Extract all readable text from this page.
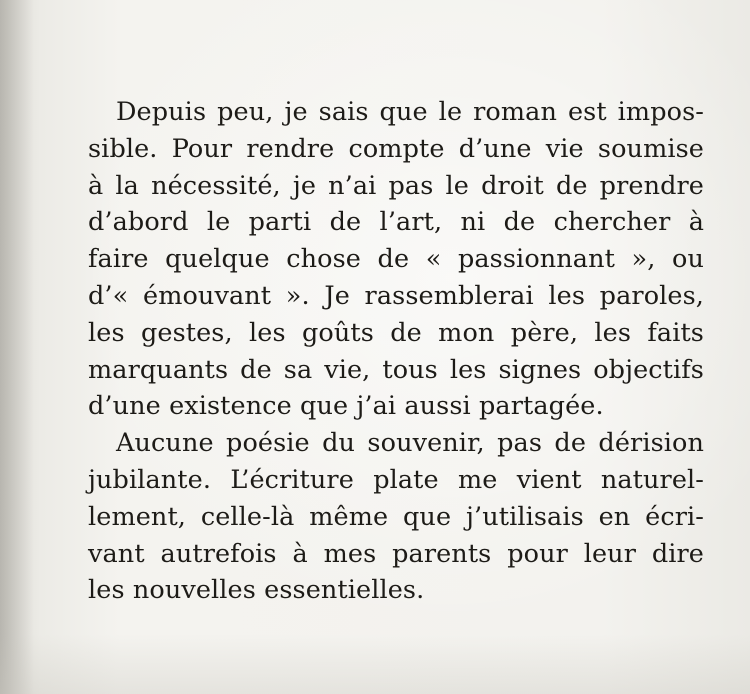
Depuis peu, je sais que le roman est impos-
sible. Pour rendre compte d’une vie soumise
à la nécessité, je n’ai pas le droit de prendre
d’abord le parti de l’art, ni de chercher à
faire quelque chose de « passionnant », ou
d’« émouvant ». Je rassemblerai les paroles,
les gestes, les goûts de mon père, les faits
marquants de sa vie, tous les signes objectifs
d’une existence que j’ai aussi partagée.
Aucune poésie du souvenir, pas de dérision
jubilante. L’écriture plate me vient naturel-
lement, celle-là même que j’utilisais en écri-
vant autrefois à mes parents pour leur dire
les nouvelles essentielles.
